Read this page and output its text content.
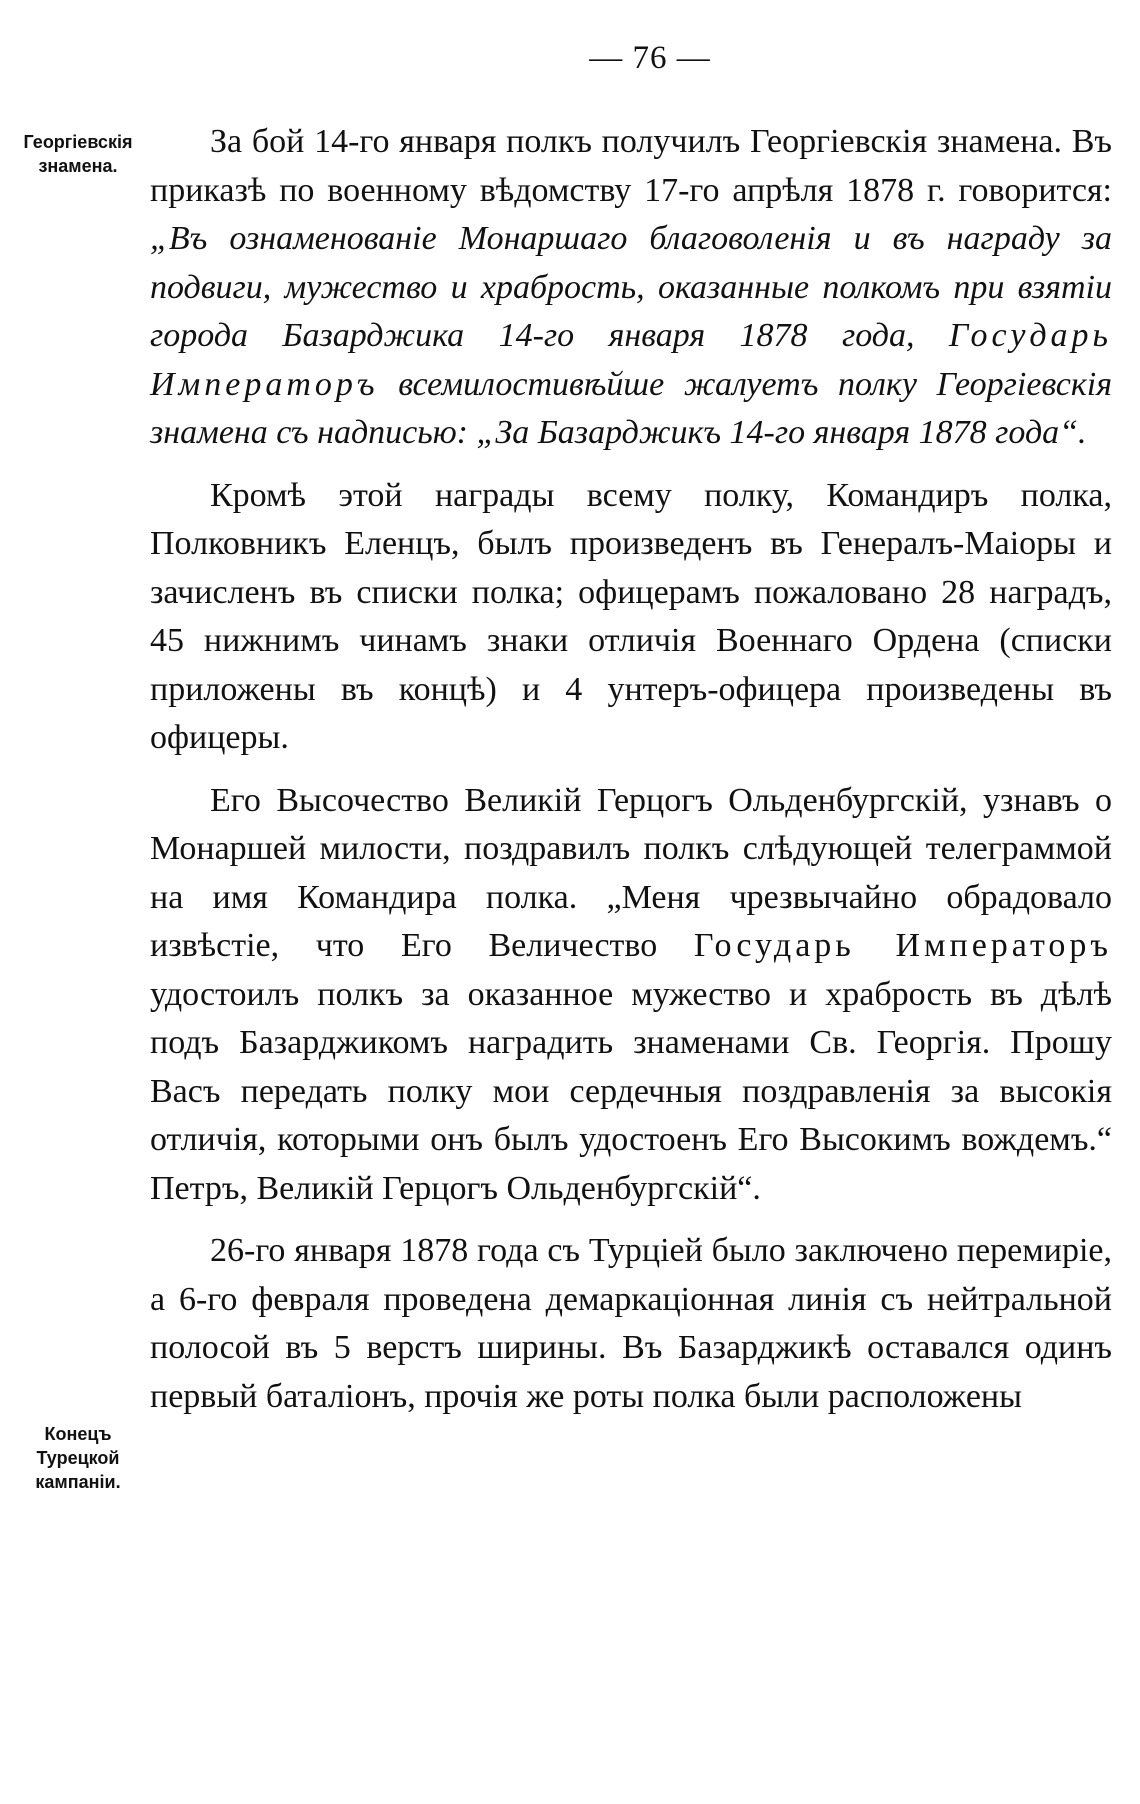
— 76 —
Георгіевскія
знамена.
Конецъ
Турецкой
кампаніи.

За бой 14-го января полкъ получилъ Георгіевскія знамена. Въ приказѣ по военному вѣдомству 17-го апрѣля 1878 г. говорится: „Въ ознаменованіе Монаршаго благоволенія и въ награду за подвиги, мужество и храбрость, оказанные полкомъ при взятіи города Базарджика 14-го января 1878 года, Государь Императоръ всемилостивѣйше жалуетъ полку Георгіевскія знамена съ надписью: „За Базарджикъ 14-го января 1878 года“.

Кромѣ этой награды всему полку, Командиръ полка, Полковникъ Еленцъ, былъ произведенъ въ Генералъ-Маіоры и зачисленъ въ списки полка; офицерамъ пожаловано 28 наградъ, 45 нижнимъ чинамъ знаки отличія Военнаго Ордена (списки приложены въ концѣ) и 4 унтеръ-офицера произведены въ офицеры.

Его Высочество Великій Герцогъ Ольденбургскій, узнавъ о Монаршей милости, поздравилъ полкъ слѣдующей телеграммой на имя Командира полка. „Меня чрезвычайно обрадовало извѣстіе, что Его Величество Государь Императоръ удостоилъ полкъ за оказанное мужество и храбрость въ дѣлѣ подъ Базарджикомъ наградить знаменами Св. Георгія. Прошу Васъ передать полку мои сердечныя поздравленія за высокія отличія, которыми онъ былъ удостоенъ Его Высокимъ вождемъ.“ Петръ, Великій Герцогъ Ольденбургскій“.

26-го января 1878 года съ Турціей было заключено перемиріе, а 6-го февраля проведена демаркаціонная линія съ нейтральной полосой въ 5 верстъ ширины. Въ Базарджикѣ оставался одинъ первый баталіонъ, прочія же роты полка были расположены
